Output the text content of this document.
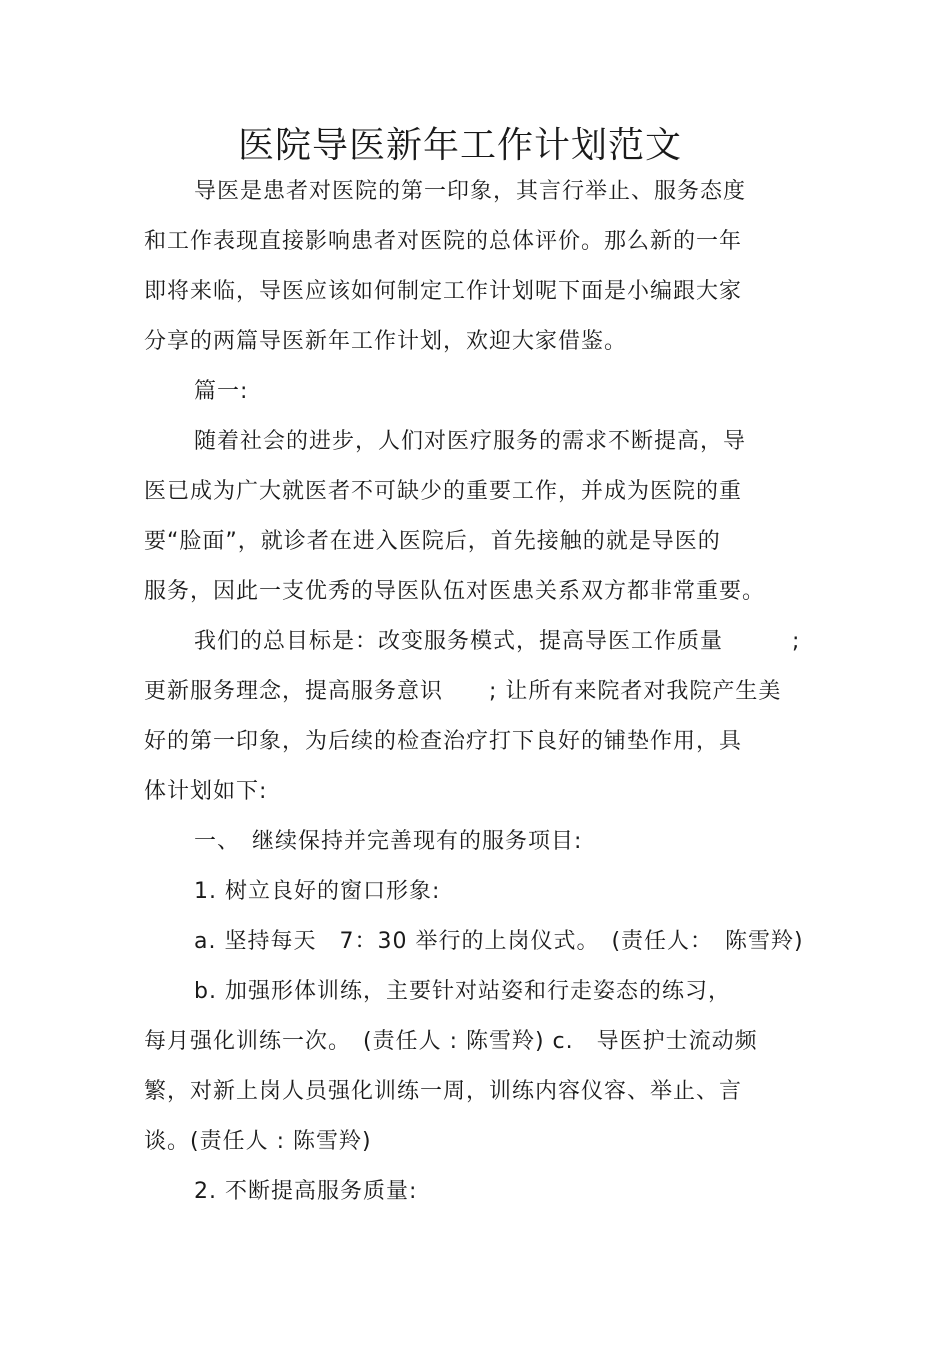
医院导医新年工作计划范文
导医是患者对医院的第一印象，其言行举止、服务态度
和工作表现直接影响患者对医院的总体评价。那么新的一年
即将来临，导医应该如何制定工作计划呢下面是小编跟大家
分享的两篇导医新年工作计划，欢迎大家借鉴。
篇一:
随着社会的进步，人们对医疗服务的需求不断提高，导
医已成为广大就医者不可缺少的重要工作，并成为医院的重
要“脸面”，就诊者在进入医院后，首先接触的就是导医的
服务，因此一支优秀的导医队伍对医患关系双方都非常重要。
我们的总目标是：改变服务模式，提高导医工作质量　　　;
更新服务理念，提高服务意识　　; 让所有来院者对我院产生美
好的第一印象，为后续的检查治疗打下良好的铺垫作用，具
体计划如下:
一、　继续保持并完善现有的服务项目:
1. 树立良好的窗口形象:
a. 坚持每天　7：30 举行的上岗仪式。　(责任人：　陈雪羚)
b. 加强形体训练，主要针对站姿和行走姿态的练习，
每月强化训练一次。　(责任人 : 陈雪羚) c.　导医护士流动频
繁，对新上岗人员强化训练一周，训练内容仪容、举止、言
谈。(责任人 : 陈雪羚)
2. 不断提高服务质量:
